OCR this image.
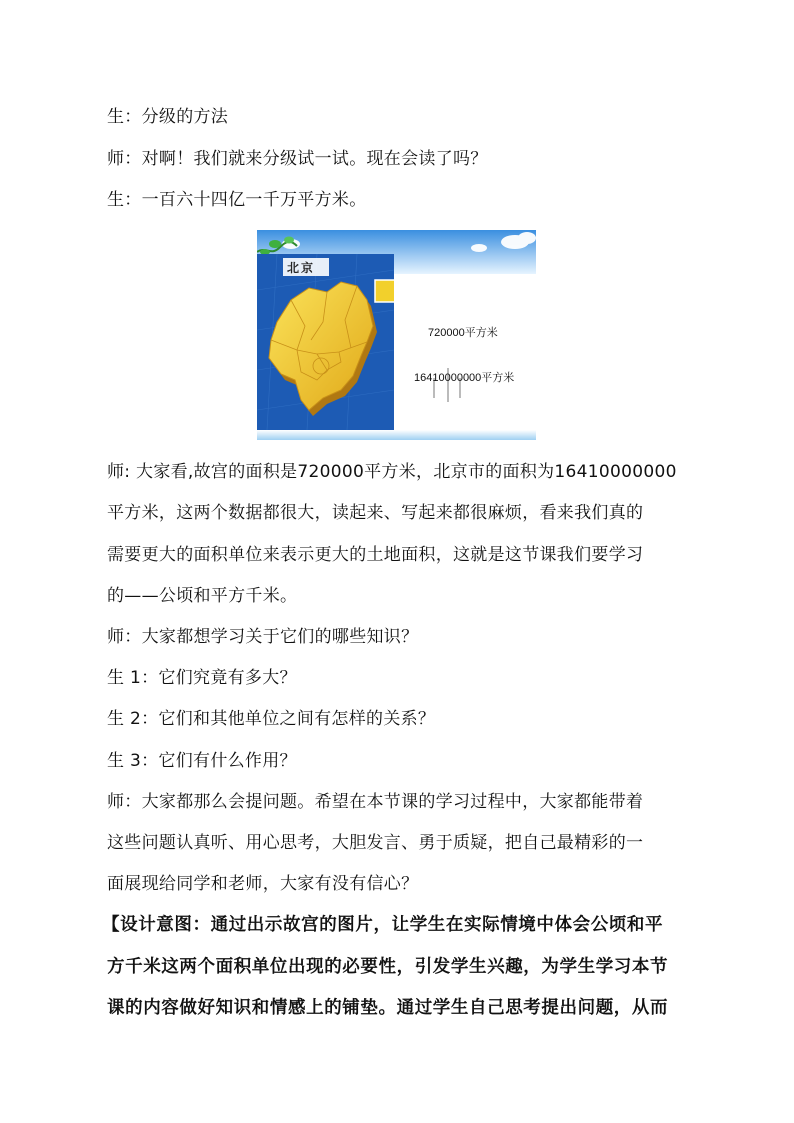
生：分级的方法
师：对啊！我们就来分级试一试。现在会读了吗？
生：一百六十四亿一千万平方米。
北京
720000平方米
16410000000平方米
师: 大家看,故宫的面积是720000平方米，北京市的面积为16410000000
平方米，这两个数据都很大，读起来、写起来都很麻烦，看来我们真的
需要更大的面积单位来表示更大的土地面积，这就是这节课我们要学习
的——公顷和平方千米。
师：大家都想学习关于它们的哪些知识？
生 1：它们究竟有多大？
生 2：它们和其他单位之间有怎样的关系？
生 3：它们有什么作用？
师：大家都那么会提问题。希望在本节课的学习过程中，大家都能带着
这些问题认真听、用心思考，大胆发言、勇于质疑，把自己最精彩的一
面展现给同学和老师，大家有没有信心？
【设计意图：通过出示故宫的图片，让学生在实际情境中体会公顷和平
方千米这两个面积单位出现的必要性，引发学生兴趣，为学生学习本节
课的内容做好知识和情感上的铺垫。通过学生自己思考提出问题，从而
